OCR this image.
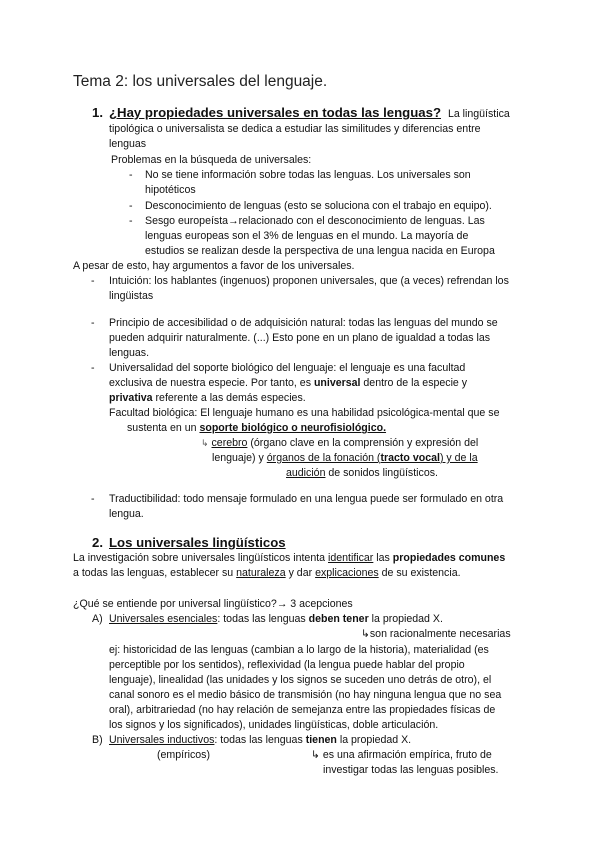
Tema 2: los universales del lenguaje.
1. ¿Hay propiedades universales en todas las lenguas? La lingüística
tipológica o universalista se dedica a estudiar las similitudes y diferencias entre
lenguas
Problemas en la búsqueda de universales:
- No se tiene información sobre todas las lenguas. Los universales son
hipotéticos
- Desconocimiento de lenguas (esto se soluciona con el trabajo en equipo).
- Sesgo europeísta→relacionado con el desconocimiento de lenguas. Las
lenguas europeas son el 3% de lenguas en el mundo. La mayoría de
estudios se realizan desde la perspectiva de una lengua nacida en Europa
A pesar de esto, hay argumentos a favor de los universales.
- Intuición: los hablantes (ingenuos) proponen universales, que (a veces) refrendan los
lingüistas
- Principio de accesibilidad o de adquisición natural: todas las lenguas del mundo se
pueden adquirir naturalmente. (...) Esto pone en un plano de igualdad a todas las
lenguas.
- Universalidad del soporte biológico del lenguaje: el lenguaje es una facultad
exclusiva de nuestra especie. Por tanto, es universal dentro de la especie y
privativa referente a las demás especies.
Facultad biológica: El lenguaje humano es una habilidad psicológica-mental que se
sustenta en un soporte biológico o neurofisiológico.
↳ cerebro (órgano clave en la comprensión y expresión del
lenguaje) y órganos de la fonación (tracto vocal) y de la
audición de sonidos lingüísticos.
- Traductibilidad: todo mensaje formulado en una lengua puede ser formulado en otra
lengua.
2. Los universales lingüísticos
La investigación sobre universales lingüísticos intenta identificar las propiedades comunes
a todas las lenguas, establecer su naturaleza y dar explicaciones de su existencia.
¿Qué se entiende por universal lingüístico?→ 3 acepciones
A) Universales esenciales: todas las lenguas deben tener la propiedad X.
↳son racionalmente necesarias
ej: historicidad de las lenguas (cambian a lo largo de la historia), materialidad (es
perceptible por los sentidos), reflexividad (la lengua puede hablar del propio
lenguaje), linealidad (las unidades y los signos se suceden uno detrás de otro), el
canal sonoro es el medio básico de transmisión (no hay ninguna lengua que no sea
oral), arbitrariedad (no hay relación de semejanza entre las propiedades físicas de
los signos y los significados), unidades lingüísticas, doble articulación.
B) Universales inductivos: todas las lenguas tienen la propiedad X.
(empíricos)	↳ es una afirmación empírica, fruto de
investigar todas las lenguas posibles.
